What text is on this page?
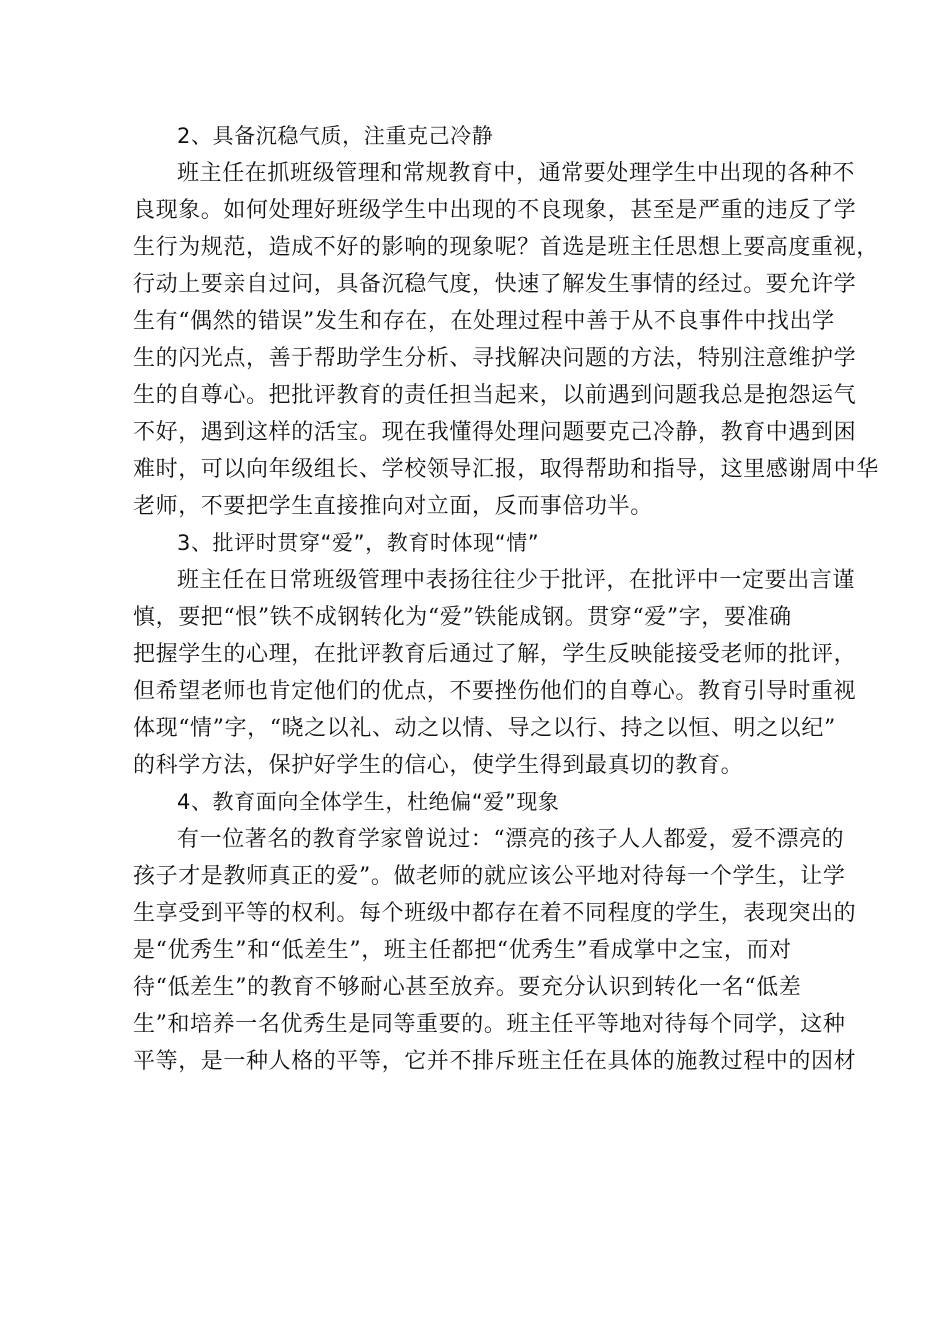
2、具备沉稳气质，注重克己冷静
班主任在抓班级管理和常规教育中，通常要处理学生中出现的各种不
良现象。如何处理好班级学生中出现的不良现象，甚至是严重的违反了学
生行为规范，造成不好的影响的现象呢？首选是班主任思想上要高度重视，
行动上要亲自过问，具备沉稳气度，快速了解发生事情的经过。要允许学
生有“偶然的错误”发生和存在，在处理过程中善于从不良事件中找出学
生的闪光点，善于帮助学生分析、寻找解决问题的方法，特别注意维护学
生的自尊心。把批评教育的责任担当起来，以前遇到问题我总是抱怨运气
不好，遇到这样的活宝。现在我懂得处理问题要克己冷静，教育中遇到困
难时，可以向年级组长、学校领导汇报，取得帮助和指导，这里感谢周中华
老师，不要把学生直接推向对立面，反而事倍功半。
3、批评时贯穿“爱”，教育时体现“情”
班主任在日常班级管理中表扬往往少于批评，在批评中一定要出言谨
慎，要把“恨”铁不成钢转化为“爱”铁能成钢。贯穿“爱”字，要准确
把握学生的心理，在批评教育后通过了解，学生反映能接受老师的批评，
但希望老师也肯定他们的优点，不要挫伤他们的自尊心。教育引导时重视
体现“情”字，“晓之以礼、动之以情、导之以行、持之以恒、明之以纪”
的科学方法，保护好学生的信心，使学生得到最真切的教育。
4、教育面向全体学生，杜绝偏“爱”现象
有一位著名的教育学家曾说过：“漂亮的孩子人人都爱，爱不漂亮的
孩子才是教师真正的爱”。做老师的就应该公平地对待每一个学生，让学
生享受到平等的权利。每个班级中都存在着不同程度的学生，表现突出的
是“优秀生”和“低差生”，班主任都把“优秀生”看成掌中之宝，而对
待“低差生”的教育不够耐心甚至放弃。要充分认识到转化一名“低差
生”和培养一名优秀生是同等重要的。班主任平等地对待每个同学，这种
平等，是一种人格的平等，它并不排斥班主任在具体的施教过程中的因材
